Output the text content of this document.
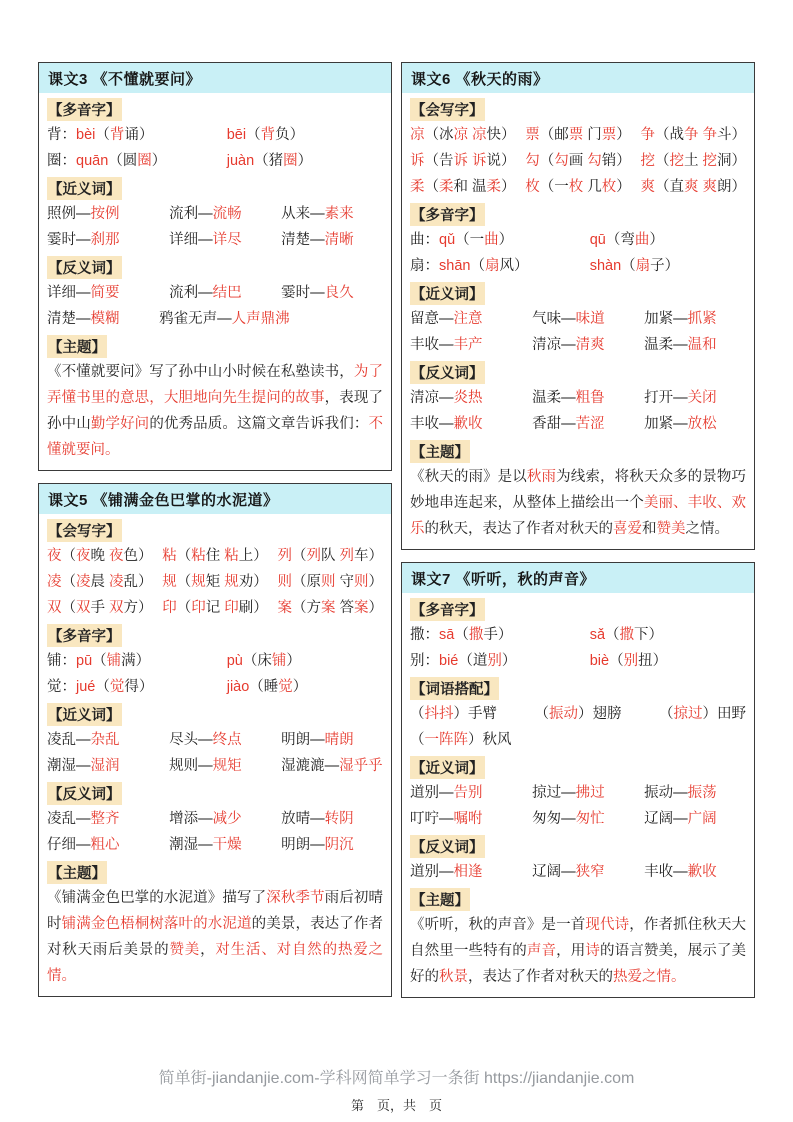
课文3 《不懂就要问》
【多音字】
背：bèi（背诵）	bēi（背负）
圈：quān（圆圈）	juàn（猪圈）
【近义词】
照例—按例	流利—流畅	从来—素来
霎时—刹那	详细—详尽	清楚—清晰
【反义词】
详细—简要	流利—结巴	霎时—良久
清楚—模糊	鸦雀无声—人声鼎沸
【主题】
《不懂就要问》写了孙中山小时候在私塾读书，为了弄懂书里的意思，大胆地向先生提问的故事，表现了孙中山勤学好问的优秀品质。这篇文章告诉我们：不懂就要问。
课文5 《铺满金色巴掌的水泥道》
【会写字】
夜（夜晚 夜色） 粘（粘住 粘上） 列（列队 列车）
凌（凌晨 凌乱） 规（规矩 规劝） 则（原则 守则）
双（双手 双方） 印（印记 印刷） 案（方案 答案）
【多音字】
铺：pū（铺满）	pù（床铺）
觉：jué（觉得）	jiào（睡觉）
【近义词】
凌乱—杂乱	尽头—终点	明朗—晴朗
潮湿—湿润	规则—规矩	湿漉漉—湿乎乎
【反义词】
凌乱—整齐	增添—减少	放晴—转阴
仔细—粗心	潮湿—干燥	明朗—阴沉
【主题】
《铺满金色巴掌的水泥道》描写了深秋季节雨后初晴时铺满金色梧桐树落叶的水泥道的美景，表达了作者对秋天雨后美景的赞美，对生活、对自然的热爱之情。
课文6 《秋天的雨》
【会写字】
凉（冰凉 凉快） 票（邮票 门票） 争（战争 争斗）
诉（告诉 诉说） 勾（勾画 勾销） 挖（挖土 挖洞）
柔（柔和 温柔） 枚（一枚 几枚） 爽（直爽 爽朗）
【多音字】
曲：qǔ（一曲）	qū（弯曲）
扇：shān（扇风）	shàn（扇子）
【近义词】
留意—注意	气味—味道	加紧—抓紧
丰收—丰产	清凉—清爽	温柔—温和
【反义词】
清凉—炎热	温柔—粗鲁	打开—关闭
丰收—歉收	香甜—苦涩	加紧—放松
【主题】
《秋天的雨》是以秋雨为线索，将秋天众多的景物巧妙地串连起来，从整体上描绘出一个美丽、丰收、欢乐的秋天，表达了作者对秋天的喜爱和赞美之情。
课文7 《听听，秋的声音》
【多音字】
撒：sā（撒手）	sǎ（撒下）
别：bié（道别）	biè（别扭）
【词语搭配】
（抖抖）手臂	（振动）翅膀	（掠过）田野
（一阵阵）秋风
【近义词】
道别—告别	掠过—拂过	振动—振荡
叮咛—嘱咐	匆匆—匆忙	辽阔—广阔
【反义词】
道别—相逢	辽阔—狭窄	丰收—歉收
【主题】
《听听，秋的声音》是一首现代诗，作者抓住秋天大自然里一些特有的声音，用诗的语言赞美，展示了美好的秋景，表达了作者对秋天的热爱之情。
简单街-jiandanjie.com-学科网简单学习一条街 https://jiandanjie.com
第　页，共　页
